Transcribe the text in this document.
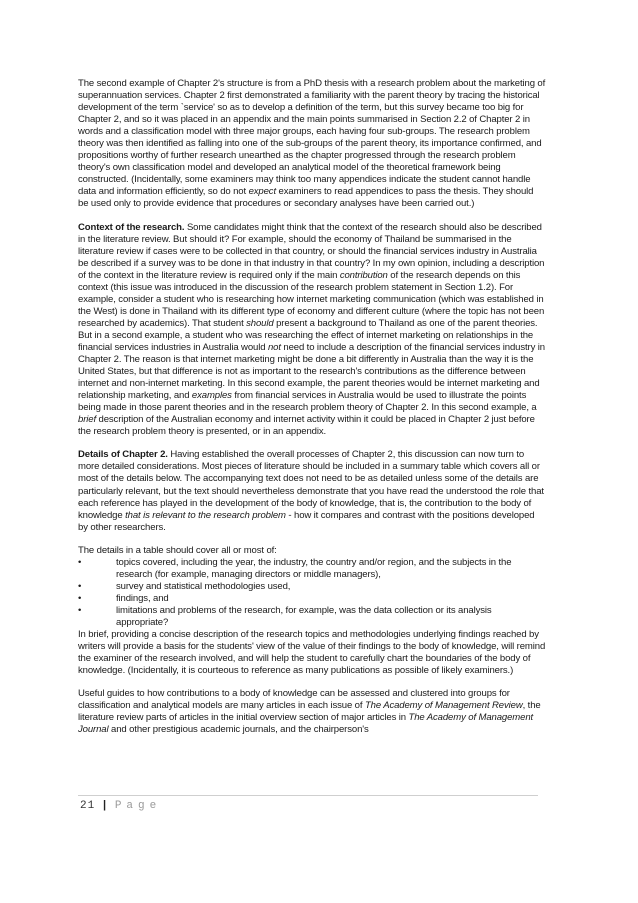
The second example of Chapter 2's structure is from a PhD thesis with a research problem about the marketing of superannuation services. Chapter 2 first demonstrated a familiarity with the parent theory by tracing the historical development of the term `service' so as to develop a definition of the term, but this survey became too big for Chapter 2, and so it was placed in an appendix and the main points summarised in Section 2.2 of Chapter 2 in words and a classification model with three major groups, each having four sub-groups. The research problem theory was then identified as falling into one of the sub-groups of the parent theory, its importance confirmed, and propositions worthy of further research unearthed as the chapter progressed through the research problem theory's own classification model and developed an analytical model of the theoretical framework being constructed. (Incidentally, some examiners may think too many appendices indicate the student cannot handle data and information efficiently, so do not expect examiners to read appendices to pass the thesis. They should be used only to provide evidence that procedures or secondary analyses have been carried out.)

Context of the research. Some candidates might think that the context of the research should also be described in the literature review. But should it? For example, should the economy of Thailand be summarised in the literature review if cases were to be collected in that country, or should the financial services industry in Australia be described if a survey was to be done in that industry in that country? In my own opinion, including a description of the context in the literature review is required only if the main contribution of the research depends on this context (this issue was introduced in the discussion of the research problem statement in Section 1.2). For example, consider a student who is researching how internet marketing communication (which was established in the West) is done in Thailand with its different type of economy and different culture (where the topic has not been researched by academics). That student should present a background to Thailand as one of the parent theories. But in a second example, a student who was researching the effect of internet marketing on relationships in the financial services industries in Australia would not need to include a description of the financial services industry in Chapter 2. The reason is that internet marketing might be done a bit differently in Australia than the way it is the United States, but that difference is not as important to the research's contributions as the difference between internet and non-internet marketing. In this second example, the parent theories would be internet marketing and relationship marketing, and examples from financial services in Australia would be used to illustrate the points being made in those parent theories and in the research problem theory of Chapter 2. In this second example, a brief description of the Australian economy and internet activity within it could be placed in Chapter 2 just before the research problem theory is presented, or in an appendix.

Details of Chapter 2. Having established the overall processes of Chapter 2, this discussion can now turn to more detailed considerations. Most pieces of literature should be included in a summary table which covers all or most of the details below. The accompanying text does not need to be as detailed unless some of the details are particularly relevant, but the text should nevertheless demonstrate that you have read the understood the role that each reference has played in the development of the body of knowledge, that is, the contribution to the body of knowledge that is relevant to the research problem - how it compares and contrast with the positions developed by other researchers.

The details in a table should cover all or most of:

•	topics covered, including the year, the industry, the country and/or region, and the subjects in the research (for example, managing directors or middle managers),
•	survey and statistical methodologies used,
•	findings, and
•	limitations and problems of the research, for example, was the data collection or its analysis appropriate?

In brief, providing a concise description of the research topics and methodologies underlying findings reached by writers will provide a basis for the students' view of the value of their findings to the body of knowledge, will remind the examiner of the research involved, and will help the student to carefully chart the boundaries of the body of knowledge. (Incidentally, it is courteous to reference as many publications as possible of likely examiners.)

Useful guides to how contributions to a body of knowledge can be assessed and clustered into groups for classification and analytical models are many articles in each issue of The Academy of Management Review, the literature review parts of articles in the initial overview section of major articles in The Academy of Management Journal and other prestigious academic journals, and the chairperson's

21 | Page
